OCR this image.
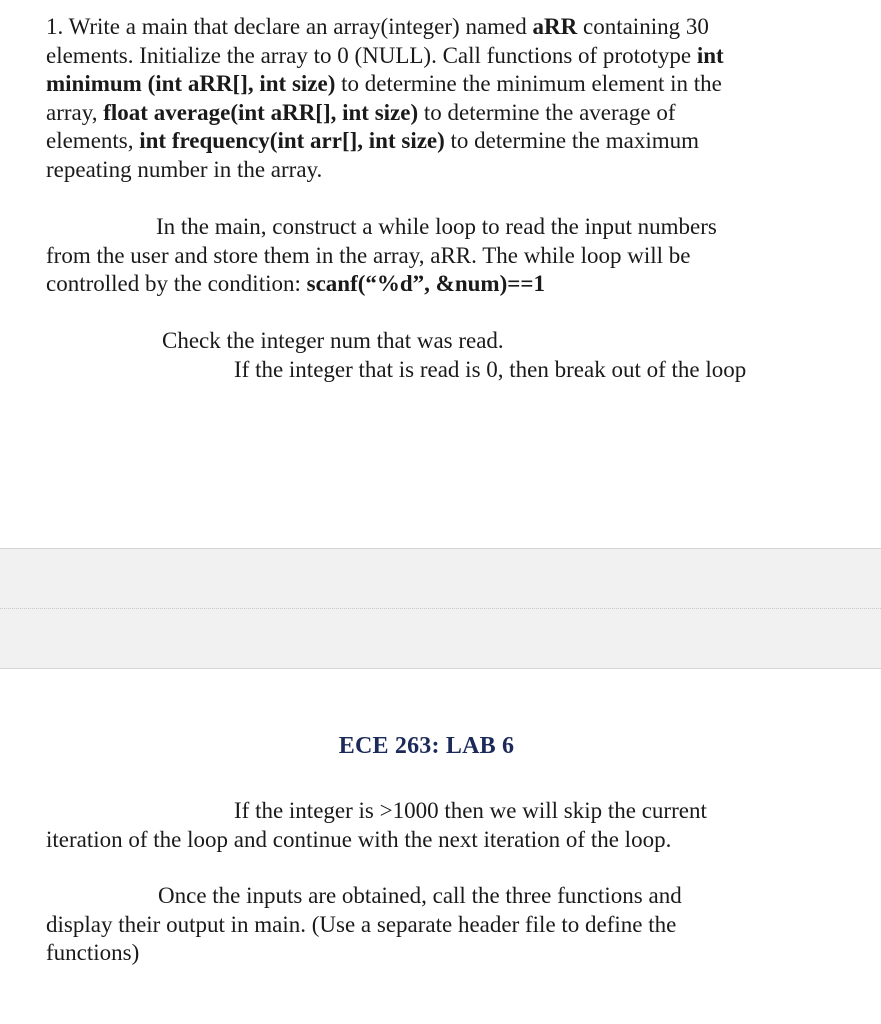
1. Write a main that declare an array(integer) named aRR containing 30
elements. Initialize the array to 0 (NULL). Call functions of prototype int
minimum (int aRR[], int size) to determine the minimum element in the
array, float average(int aRR[], int size) to determine the average of
elements, int frequency(int arr[], int size) to determine the maximum
repeating number in the array.

In the main, construct a while loop to read the input numbers
from the user and store them in the array, aRR. The while loop will be
controlled by the condition: scanf(“%d”, &num)==1

Check the integer num that was read.
If the integer that is read is 0, then break out of the loop

ECE 263: LAB 6

If the integer is >1000 then we will skip the current
iteration of the loop and continue with the next iteration of the loop.

Once the inputs are obtained, call the three functions and
display their output in main. (Use a separate header file to define the
functions)
